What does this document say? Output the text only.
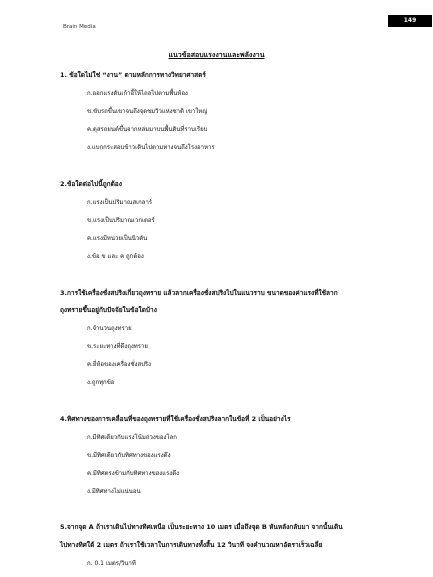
Brain Media
149
แนวข้อสอบแรงงานและพลังงาน
1. ข้อใดไม่ใช่ “งาน” ตามหลักการทางวิทยาศาสตร์
ก.ออกแรงดันเก้าอี้ให้ไถลไปตามพื้นห้อง
ข.ขับรถขึ้นเขาจนถึงจุดชมวิวแห่งชาติ เขาใหญ่
ค.ดุสรถยนต์ขึ้นจากหล่มมาบนพื้นดินที่ราบเรียบ
ง.แบกกระสอบข้าวเดินไปตามทางจนถึงโรงอาหาร
2.ข้อใดต่อไปนี้ถูกต้อง
ก.แรงเป็นปริมาณสเกลาร์
ข.แรงเป็นปริมาณเวกเตอร์
ค.แรงมีหน่วยเป็นนิวตัน
ง.ข้อ ข และ ค ถูกต้อง
3.การใช้เครื่องชั่งสปริงเกี่ยวถุงทราย แล้วลากเครื่องชั่งสปริงไปในแนวราบ ขนาดของค่าแรงที่ใช้ลาก
ถุงทรายขึ้นอยู่กับปัจจัยในข้อใดบ้าง
ก.จำนวนถุงทราย
ข.ระยะทางที่ดึงถุงทราย
ค.ยี่ห้อของเครื่องชั่งสปริง
ง.ถูกทุกข้อ
4.ทิศทางของการเคลื่อนที่ของถุงทรายที่ใช้เครื่องชั่งสปริงลากในข้อที่ 2 เป็นอย่างไร
ก.มีทิศเดียวกับแรงโน้มถ่วงของโลก
ข.มีทิศเดียวกับทิศทางของแรงดึง
ค.มีทิศตรงข้ามกับทิศทางของแรงดึง
ง.มีทิศทางไม่แน่นอน
5.จากจุด A ถ้าเราเดินไปทางทิศเหนือ เป็นระยะทาง 10 เมตร เมื่อถึงจุด B หันหลังกลับมา จากนั้นเดิน
ไปทางทิศใต้ 2 เมตร ถ้าเราใช้เวลาในการเดินทางทั้งสิ้น 12 วินาที จงคำนวณหาอัตราเร็วเฉลี่ย
ก. 0.1 เมตร/วินาที
